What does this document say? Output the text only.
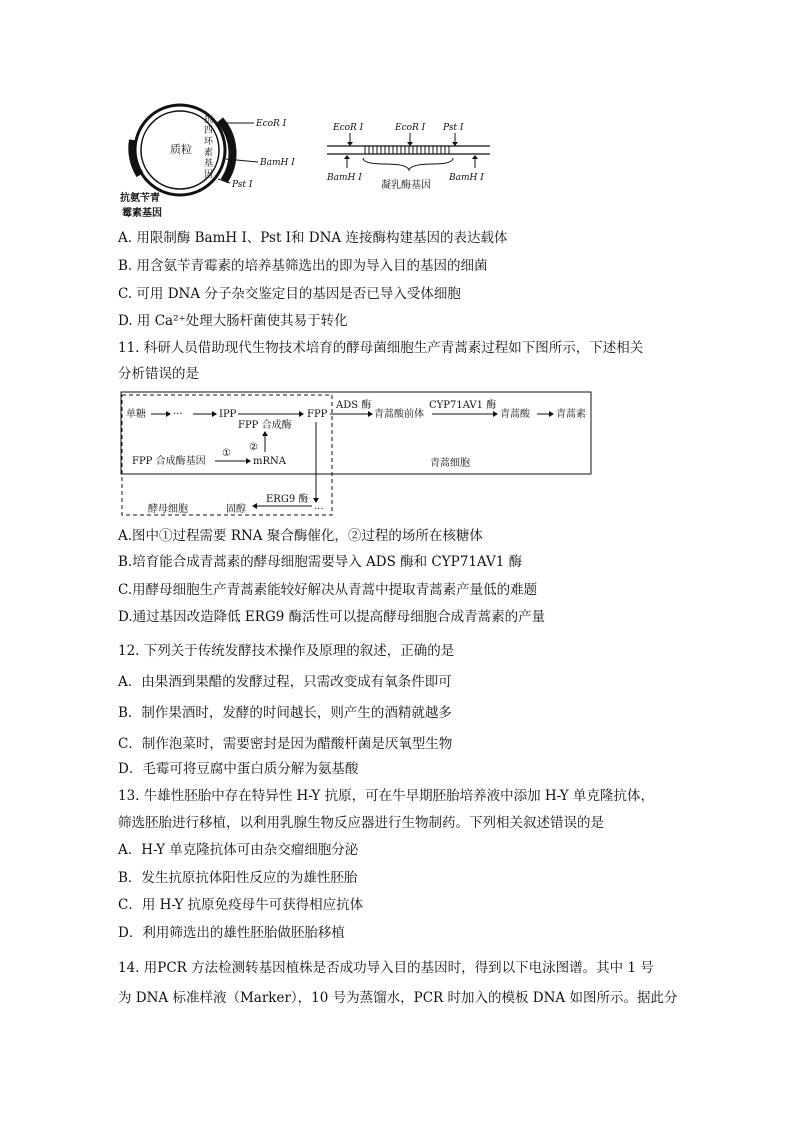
质粒
抗
四
环
素
基
因
EcoR Ⅰ
BamH Ⅰ
Pst Ⅰ
抗氨苄青
霉素基因
EcoR Ⅰ	EcoR Ⅰ Pst Ⅰ
BamH Ⅰ	BamH Ⅰ
凝乳酶基因
A. 用限制酶 BamH Ⅰ、Pst Ⅰ和 DNA 连接酶构建基因的表达载体
B. 用含氨苄青霉素的培养基筛选出的即为导入目的基因的细菌
C. 可用 DNA 分子杂交鉴定目的基因是否已导入受体细胞
D. 用 Ca²⁺处理大肠杆菌使其易于转化
11. 科研人员借助现代生物技术培育的酵母菌细胞生产青蒿素过程如下图所示，下述相关
分析错误的是
单糖	···	IPP	FPP
FPP 合成酶
②
ADS 酶
青蒿酸前体
CYP71AV1 酶
青蒿酸	青蒿素
FPP 合成酶基因
①
mRNA	青蒿细胞
ERG9 酶
酵母细胞	固醇	···
A.图中①过程需要 RNA 聚合酶催化，②过程的场所在核糖体
B.培育能合成青蒿素的酵母细胞需要导入 ADS 酶和 CYP71AV1 酶
C.用酵母细胞生产青蒿素能较好解决从青蒿中提取青蒿素产量低的难题
D.通过基因改造降低 ERG9 酶活性可以提高酵母细胞合成青蒿素的产量
12. 下列关于传统发酵技术操作及原理的叙述，正确的是
A．由果酒到果醋的发酵过程，只需改变成有氧条件即可
B．制作果酒时，发酵的时间越长，则产生的酒精就越多
C．制作泡菜时，需要密封是因为醋酸杆菌是厌氧型生物
D．毛霉可将豆腐中蛋白质分解为氨基酸
13. 牛雄性胚胎中存在特异性 H-Y 抗原，可在牛早期胚胎培养液中添加 H-Y 单克隆抗体，
筛选胚胎进行移植，以利用乳腺生物反应器进行生物制药。下列相关叙述错误的是
A．H-Y 单克隆抗体可由杂交瘤细胞分泌
B．发生抗原抗体阳性反应的为雄性胚胎
C．用 H-Y 抗原免疫母牛可获得相应抗体
D．利用筛选出的雄性胚胎做胚胎移植
14. 用PCR 方法检测转基因植株是否成功导入目的基因时，得到以下电泳图谱。其中 1 号
为 DNA 标准样液（Marker），10 号为蒸馏水，PCR 时加入的模板 DNA 如图所示。据此分
